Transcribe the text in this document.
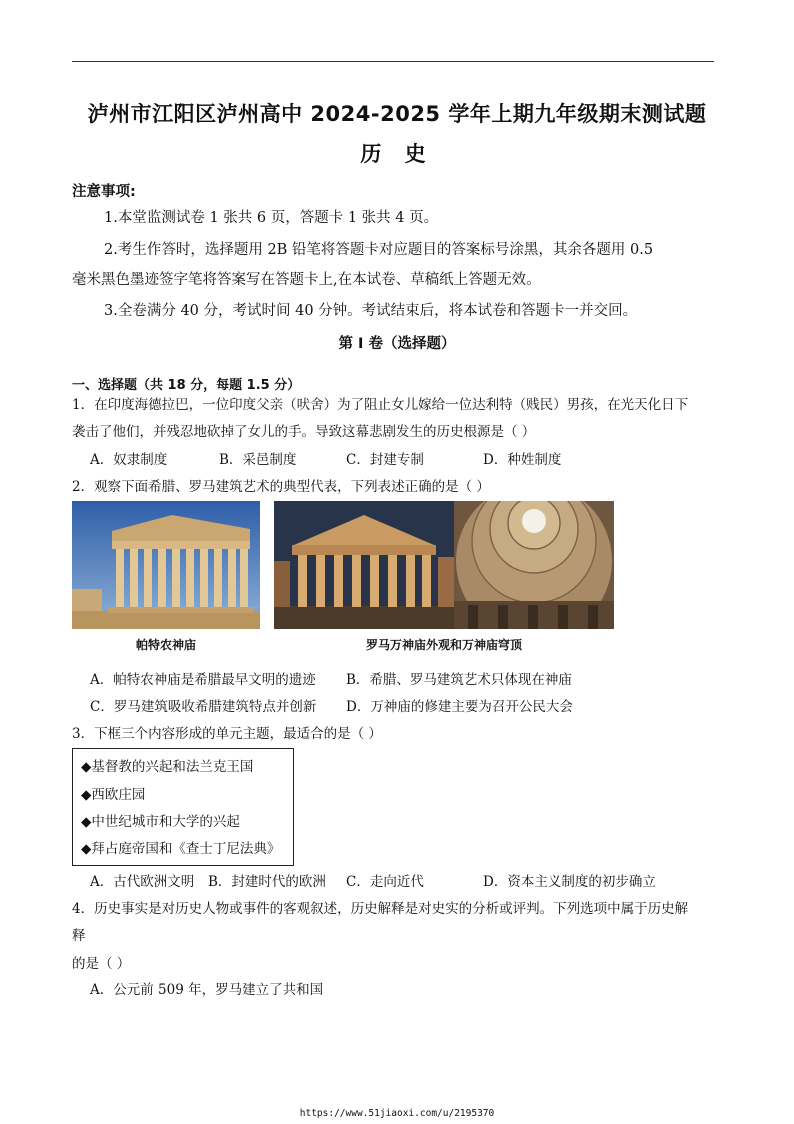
泸州市江阳区泸州高中 2024-2025 学年上期九年级期末测试题
历 史
注意事项:
1.本堂监测试卷 1 张共 6 页，答题卡 1 张共 4 页。
2.考生作答时，选择题用 2B 铅笔将答题卡对应题目的答案标号涂黑，其余各题用 0.5
毫米黑色墨迹签字笔将答案写在答题卡上,在本试卷、草稿纸上答题无效。
3.全卷满分 40 分，考试时间 40 分钟。考试结束后，将本试卷和答题卡一并交回。
第 I 卷（选择题）
一、选择题（共 18 分，每题 1.5 分）
1．在印度海德拉巴，一位印度父亲（吠舍）为了阻止女儿嫁给一位达利特（贱民）男孩，在光天化日下
袭击了他们，并残忍地砍掉了女儿的手。导致这幕悲剧发生的历史根源是（ ）
A．奴隶制度	B．采邑制度	C．封建专制	D．种姓制度
2．观察下面希腊、罗马建筑艺术的典型代表，下列表述正确的是（ ）
帕特农神庙	罗马万神庙外观和万神庙穹顶
A．帕特农神庙是希腊最早文明的遗迹 B．希腊、罗马建筑艺术只体现在神庙
C．罗马建筑吸收希腊建筑特点并创新 D．万神庙的修建主要为召开公民大会
3．下框三个内容形成的单元主题，最适合的是（ ）
◆基督教的兴起和法兰克王国
◆西欧庄园
◆中世纪城市和大学的兴起
◆拜占庭帝国和《查士丁尼法典》
A．古代欧洲文明 B．封建时代的欧洲 C．走向近代	D．资本主义制度的初步确立
4．历史事实是对历史人物或事件的客观叙述，历史解释是对史实的分析或评判。下列选项中属于历史解
释
的是（ ）
A．公元前 509 年，罗马建立了共和国
https://www.51jiaoxi.com/u/2195370
